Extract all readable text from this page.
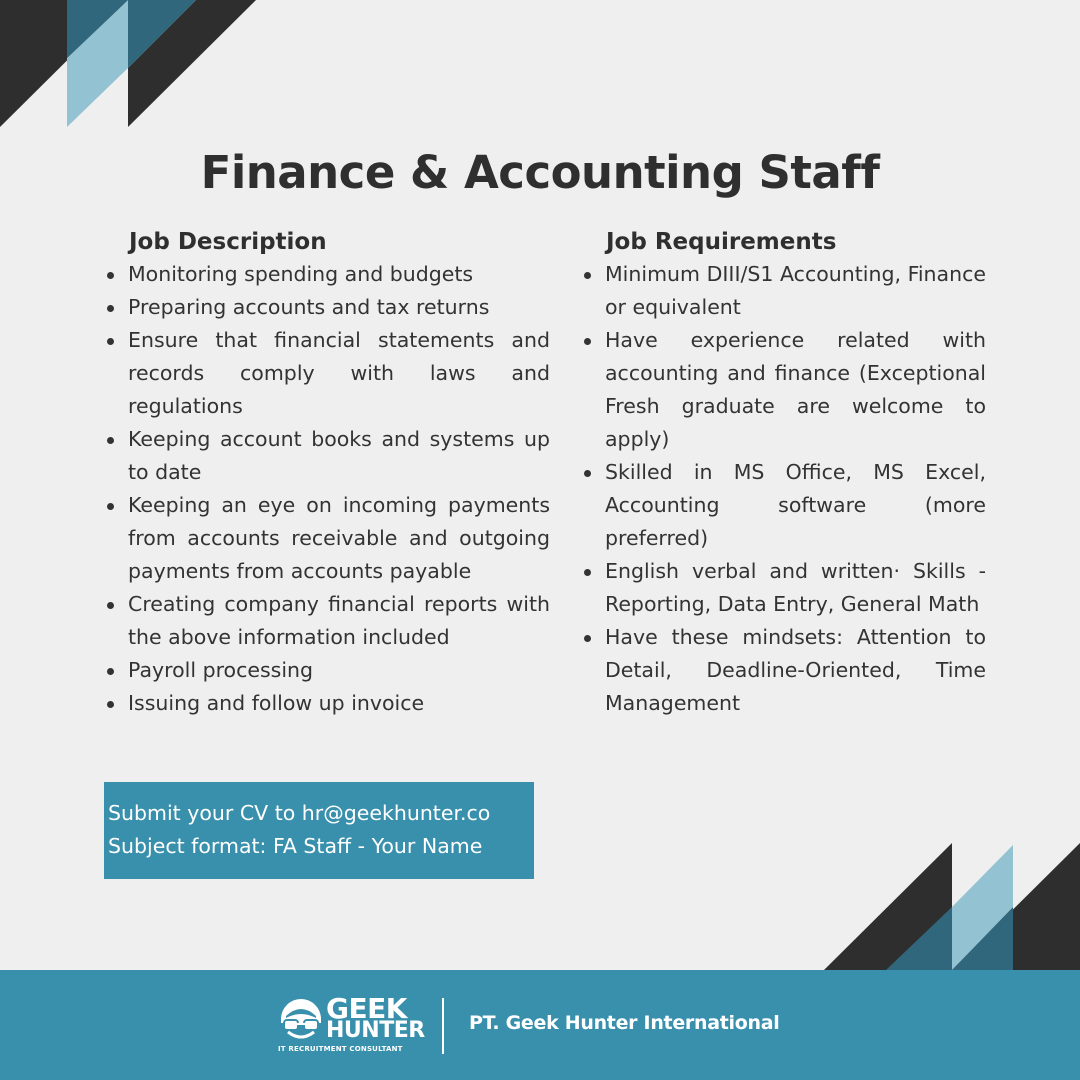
Finance & Accounting Staff
Job Description
Monitoring spending and budgets
Preparing accounts and tax returns
Ensure that financial statements and records comply with laws and regulations
Keeping account books and systems up to date
Keeping an eye on incoming payments from accounts receivable and outgoing payments from accounts payable
Creating company financial reports with the above information included
Payroll processing
Issuing and follow up invoice
Job Requirements
Minimum DIII/S1 Accounting, Finance or equivalent
Have experience related with accounting and finance (Exceptional Fresh graduate are welcome to apply)
Skilled in MS Office, MS Excel, Accounting software (more preferred)
English verbal and written· Skills - Reporting, Data Entry, General Math
Have these mindsets: Attention to Detail, Deadline-Oriented, Time Management
Submit your CV to hr@geekhunter.co
Subject format: FA Staff - Your Name
GEEK
HUNTER
IT RECRUITMENT CONSULTANT
PT. Geek Hunter International
